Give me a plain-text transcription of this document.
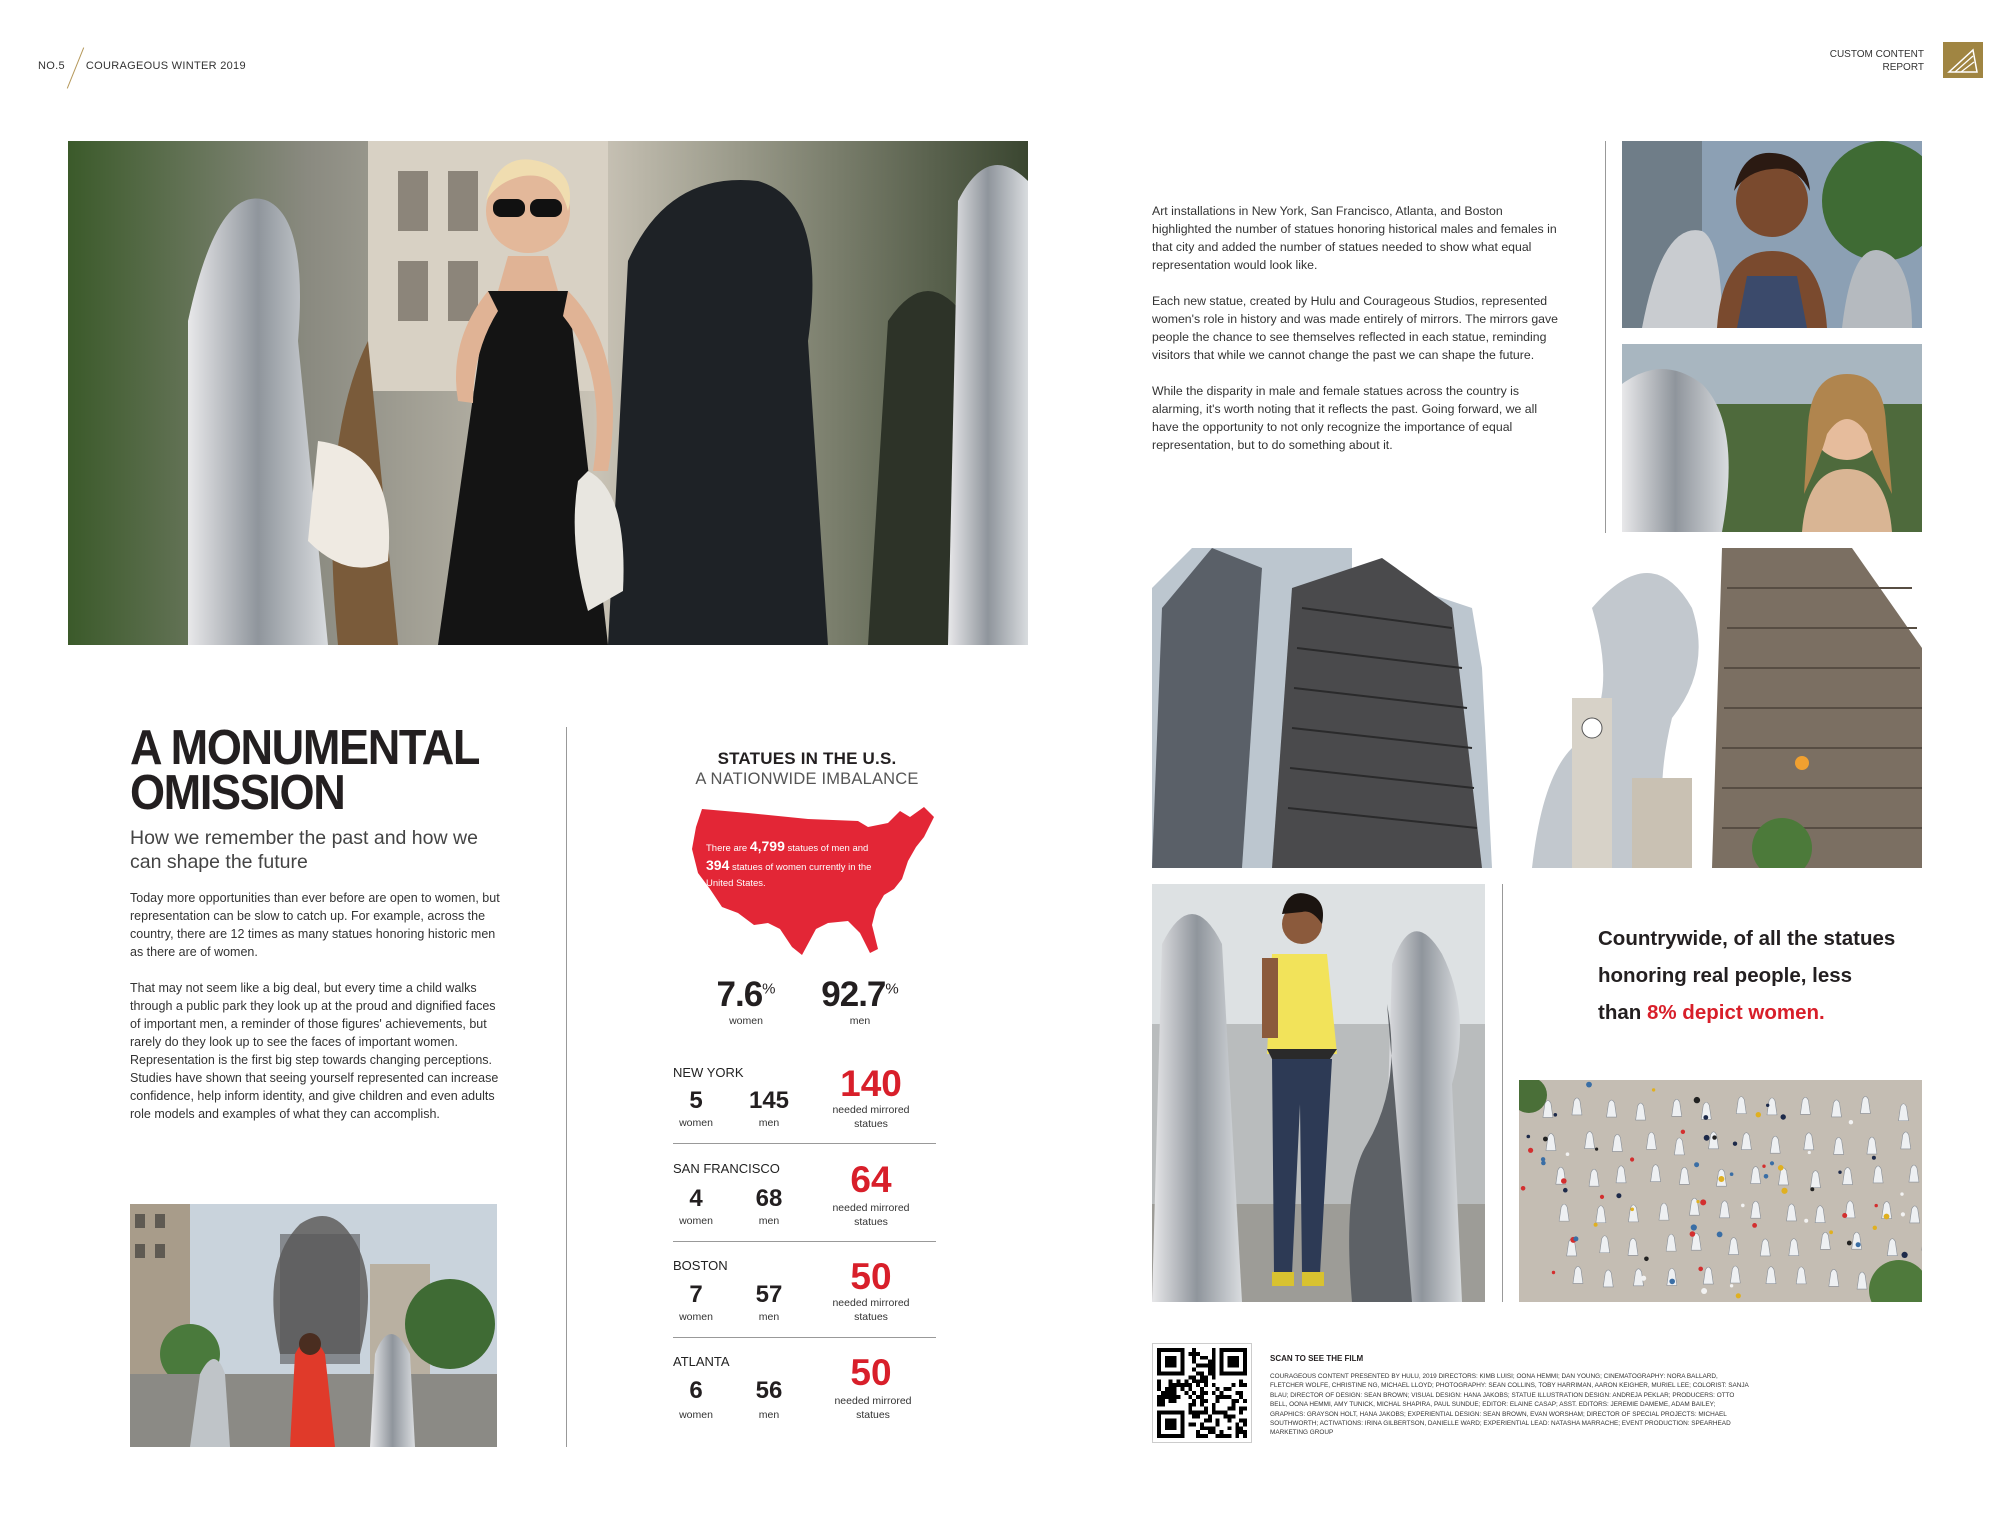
NO.5 COURAGEOUS WINTER 2019
CUSTOM CONTENT
REPORT
A MONUMENTAL
OMISSION
How we remember the past and how we can shape the future

Today more opportunities than ever before are open to women, but representation can be slow to catch up. For example, across the country, there are 12 times as many statues honoring historic men as there are of women.

That may not seem like a big deal, but every time a child walks through a public park they look up at the proud and dignified faces of important men, a reminder of those figures' achievements, but rarely do they look up to see the faces of important women. Representation is the first big step towards changing perceptions. Studies have shown that seeing yourself represented can increase confidence, help inform identity, and give children and even adults role models and examples of what they can accomplish.

STATUES IN THE U.S.
A NATIONWIDE IMBALANCE
There are 4,799 statues of men and 394 statues of women currently in the United States.
7.6%
women
92.7%
men
NEW YORK
5
women
145
men
140
needed mirrored
statues
SAN FRANCISCO
4
women
68
men
64
needed mirrored
statues
BOSTON
7
women
57
men
50
needed mirrored
statues
ATLANTA
6
women
56
men
50
needed mirrored
statues

Art installations in New York, San Francisco, Atlanta, and Boston highlighted the number of statues honoring historical males and females in that city and added the number of statues needed to show what equal representation would look like.

Each new statue, created by Hulu and Courageous Studios, represented women's role in history and was made entirely of mirrors. The mirrors gave people the chance to see themselves reflected in each statue, reminding visitors that while we cannot change the past we can shape the future.

While the disparity in male and female statues across the country is alarming, it's worth noting that it reflects the past. Going forward, we all have the opportunity to not only recognize the importance of equal representation, but to do something about it.

Countrywide, of all the statues honoring real people, less than 8% depict women.
SCAN TO SEE THE FILM
COURAGEOUS CONTENT PRESENTED BY HULU, 2019 DIRECTORS: KIMB LUISI; OONA HEMMI; DAN YOUNG; CINEMATOGRAPHY: NORA BALLARD, FLETCHER WOLFE, CHRISTINE NG, MICHAEL LLOYD; PHOTOGRAPHY: SEAN COLLINS, TOBY HARRIMAN, AARON KEIGHER, MURIEL LEE; COLORIST: SANJA BLAU; DIRECTOR OF DESIGN: SEAN BROWN; VISUAL DESIGN: HANA JAKOBS; STATUE ILLUSTRATION DESIGN: ANDREJA PEKLAR; PRODUCERS: OTTO BELL, OONA HEMMI, AMY TUNICK, MICHAL SHAPIRA, PAUL SUNDUE; EDITOR: ELAINE CASAP; ASST. EDITORS: JEREMIE DAMEME, ADAM BAILEY; GRAPHICS: GRAYSON HOLT, HANA JAKOBS; EXPERIENTIAL DESIGN: SEAN BROWN, EVAN WORSHAM; DIRECTOR OF SPECIAL PROJECTS: MICHAEL SOUTHWORTH; ACTIVATIONS: IRINA GILBERTSON, DANIELLE WARD; EXPERIENTIAL LEAD: NATASHA MARRACHE; EVENT PRODUCTION: SPEARHEAD MARKETING GROUP
